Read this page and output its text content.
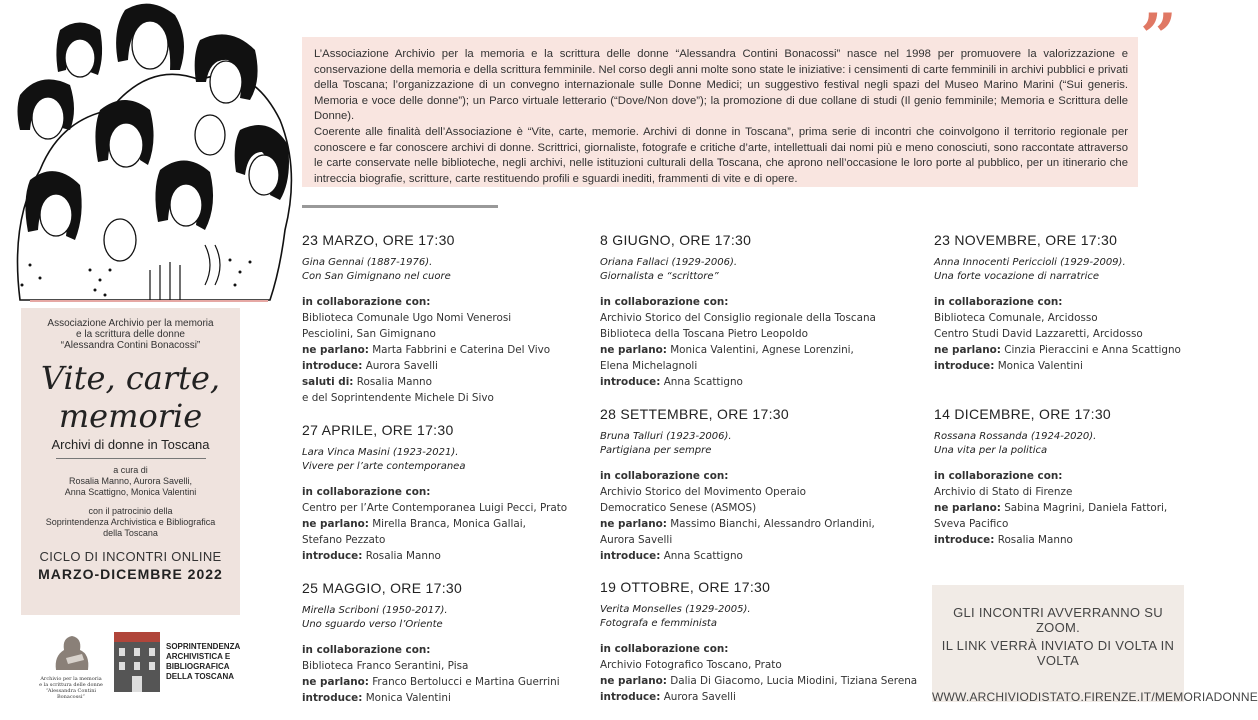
Associazione Archivio per la memoria
e la scrittura delle donne
“Alessandra Contini Bonacossi”
Vite, carte,
memorie
Archivi di donne in Toscana
a cura di
Rosalia Manno, Aurora Savelli,
Anna Scattigno, Monica Valentini
con il patrocinio della
Soprintendenza Archivistica e Bibliografica
della Toscana
CICLO DI INCONTRI ONLINE
MARZO-DICEMBRE 2022
Archivio per la memoria
e la scrittura delle donne
“Alessandra Contini Bonacossi”
SOPRINTENDENZA
ARCHIVISTICA E
BIBLIOGRAFICA
DELLA TOSCANA

L’Associazione Archivio per la memoria e la scrittura delle donne “Alessandra Contini Bonacossi” nasce nel 1998 per promuovere la valorizzazione e conservazione della memoria e della scrittura femminile. Nel corso degli anni molte sono state le iniziative: i censimenti di carte femminili in archivi pubblici e privati della Toscana; l’organizzazione di un convegno internazionale sulle Donne Medici; un suggestivo festival negli spazi del Museo Marino Marini (“Sui generis. Memoria e voce delle donne”); un Parco virtuale letterario (“Dove/Non dove”); la promozione di due collane di studi (Il genio femminile; Memoria e Scrittura delle Donne).

Coerente alle finalità dell’Associazione è “Vite, carte, memorie. Archivi di donne in Toscana”, prima serie di incontri che coinvolgono il territorio regionale per conoscere e far conoscere archivi di donne. Scrittrici, giornaliste, fotografe e critiche d’arte, intellettuali dai nomi più e meno conosciuti, sono raccontate attraverso le carte conservate nelle biblioteche, negli archivi, nelle istituzioni culturali della Toscana, che aprono nell’occasione le loro porte al pubblico, per un itinerario che intreccia biografie, scritture, carte restituendo profili e sguardi inediti, frammenti di vite e di opere.

”
23 MARZO, ORE 17:30
Gina Gennai (1887-1976).
Con San Gimignano nel cuore
in collaborazione con:
Biblioteca Comunale Ugo Nomi Venerosi
Pesciolini, San Gimignano
ne parlano: Marta Fabbrini e Caterina Del Vivo
introduce: Aurora Savelli
saluti di: Rosalia Manno
e del Soprintendente Michele Di Sivo
27 APRILE, ORE 17:30
Lara Vinca Masini (1923-2021).
Vivere per l’arte contemporanea
in collaborazione con:
Centro per l’Arte Contemporanea Luigi Pecci, Prato
ne parlano: Mirella Branca, Monica Gallai,
Stefano Pezzato
introduce: Rosalia Manno
25 MAGGIO, ORE 17:30
Mirella Scriboni (1950-2017).
Uno sguardo verso l’Oriente
in collaborazione con:
Biblioteca Franco Serantini, Pisa
ne parlano: Franco Bertolucci e Martina Guerrini
introduce: Monica Valentini
8 GIUGNO, ORE 17:30
Oriana Fallaci (1929-2006).
Giornalista e “scrittore”
in collaborazione con:
Archivio Storico del Consiglio regionale della Toscana
Biblioteca della Toscana Pietro Leopoldo
ne parlano: Monica Valentini, Agnese Lorenzini,
Elena Michelagnoli
introduce: Anna Scattigno
28 SETTEMBRE, ORE 17:30
Bruna Talluri (1923-2006).
Partigiana per sempre
in collaborazione con:
Archivio Storico del Movimento Operaio
Democratico Senese (ASMOS)
ne parlano: Massimo Bianchi, Alessandro Orlandini,
Aurora Savelli
introduce: Anna Scattigno
19 OTTOBRE, ORE 17:30
Verita Monselles (1929-2005).
Fotografa e femminista
in collaborazione con:
Archivio Fotografico Toscano, Prato
ne parlano: Dalia Di Giacomo, Lucia Miodini, Tiziana Serena
introduce: Aurora Savelli
23 NOVEMBRE, ORE 17:30
Anna Innocenti Periccioli (1929-2009).
Una forte vocazione di narratrice
in collaborazione con:
Biblioteca Comunale, Arcidosso
Centro Studi David Lazzaretti, Arcidosso
ne parlano: Cinzia Pieraccini e Anna Scattigno
introduce: Monica Valentini
14 DICEMBRE, ORE 17:30
Rossana Rossanda (1924-2020).
Una vita per la politica
in collaborazione con:
Archivio di Stato di Firenze
ne parlano: Sabina Magrini, Daniela Fattori,
Sveva Pacifico
introduce: Rosalia Manno
GLI INCONTRI AVVERRANNO SU ZOOM.
IL LINK VERRÀ INVIATO DI VOLTA IN VOLTA
WWW.ARCHIVIODISTATO.FIRENZE.IT/MEMORIADONNE
